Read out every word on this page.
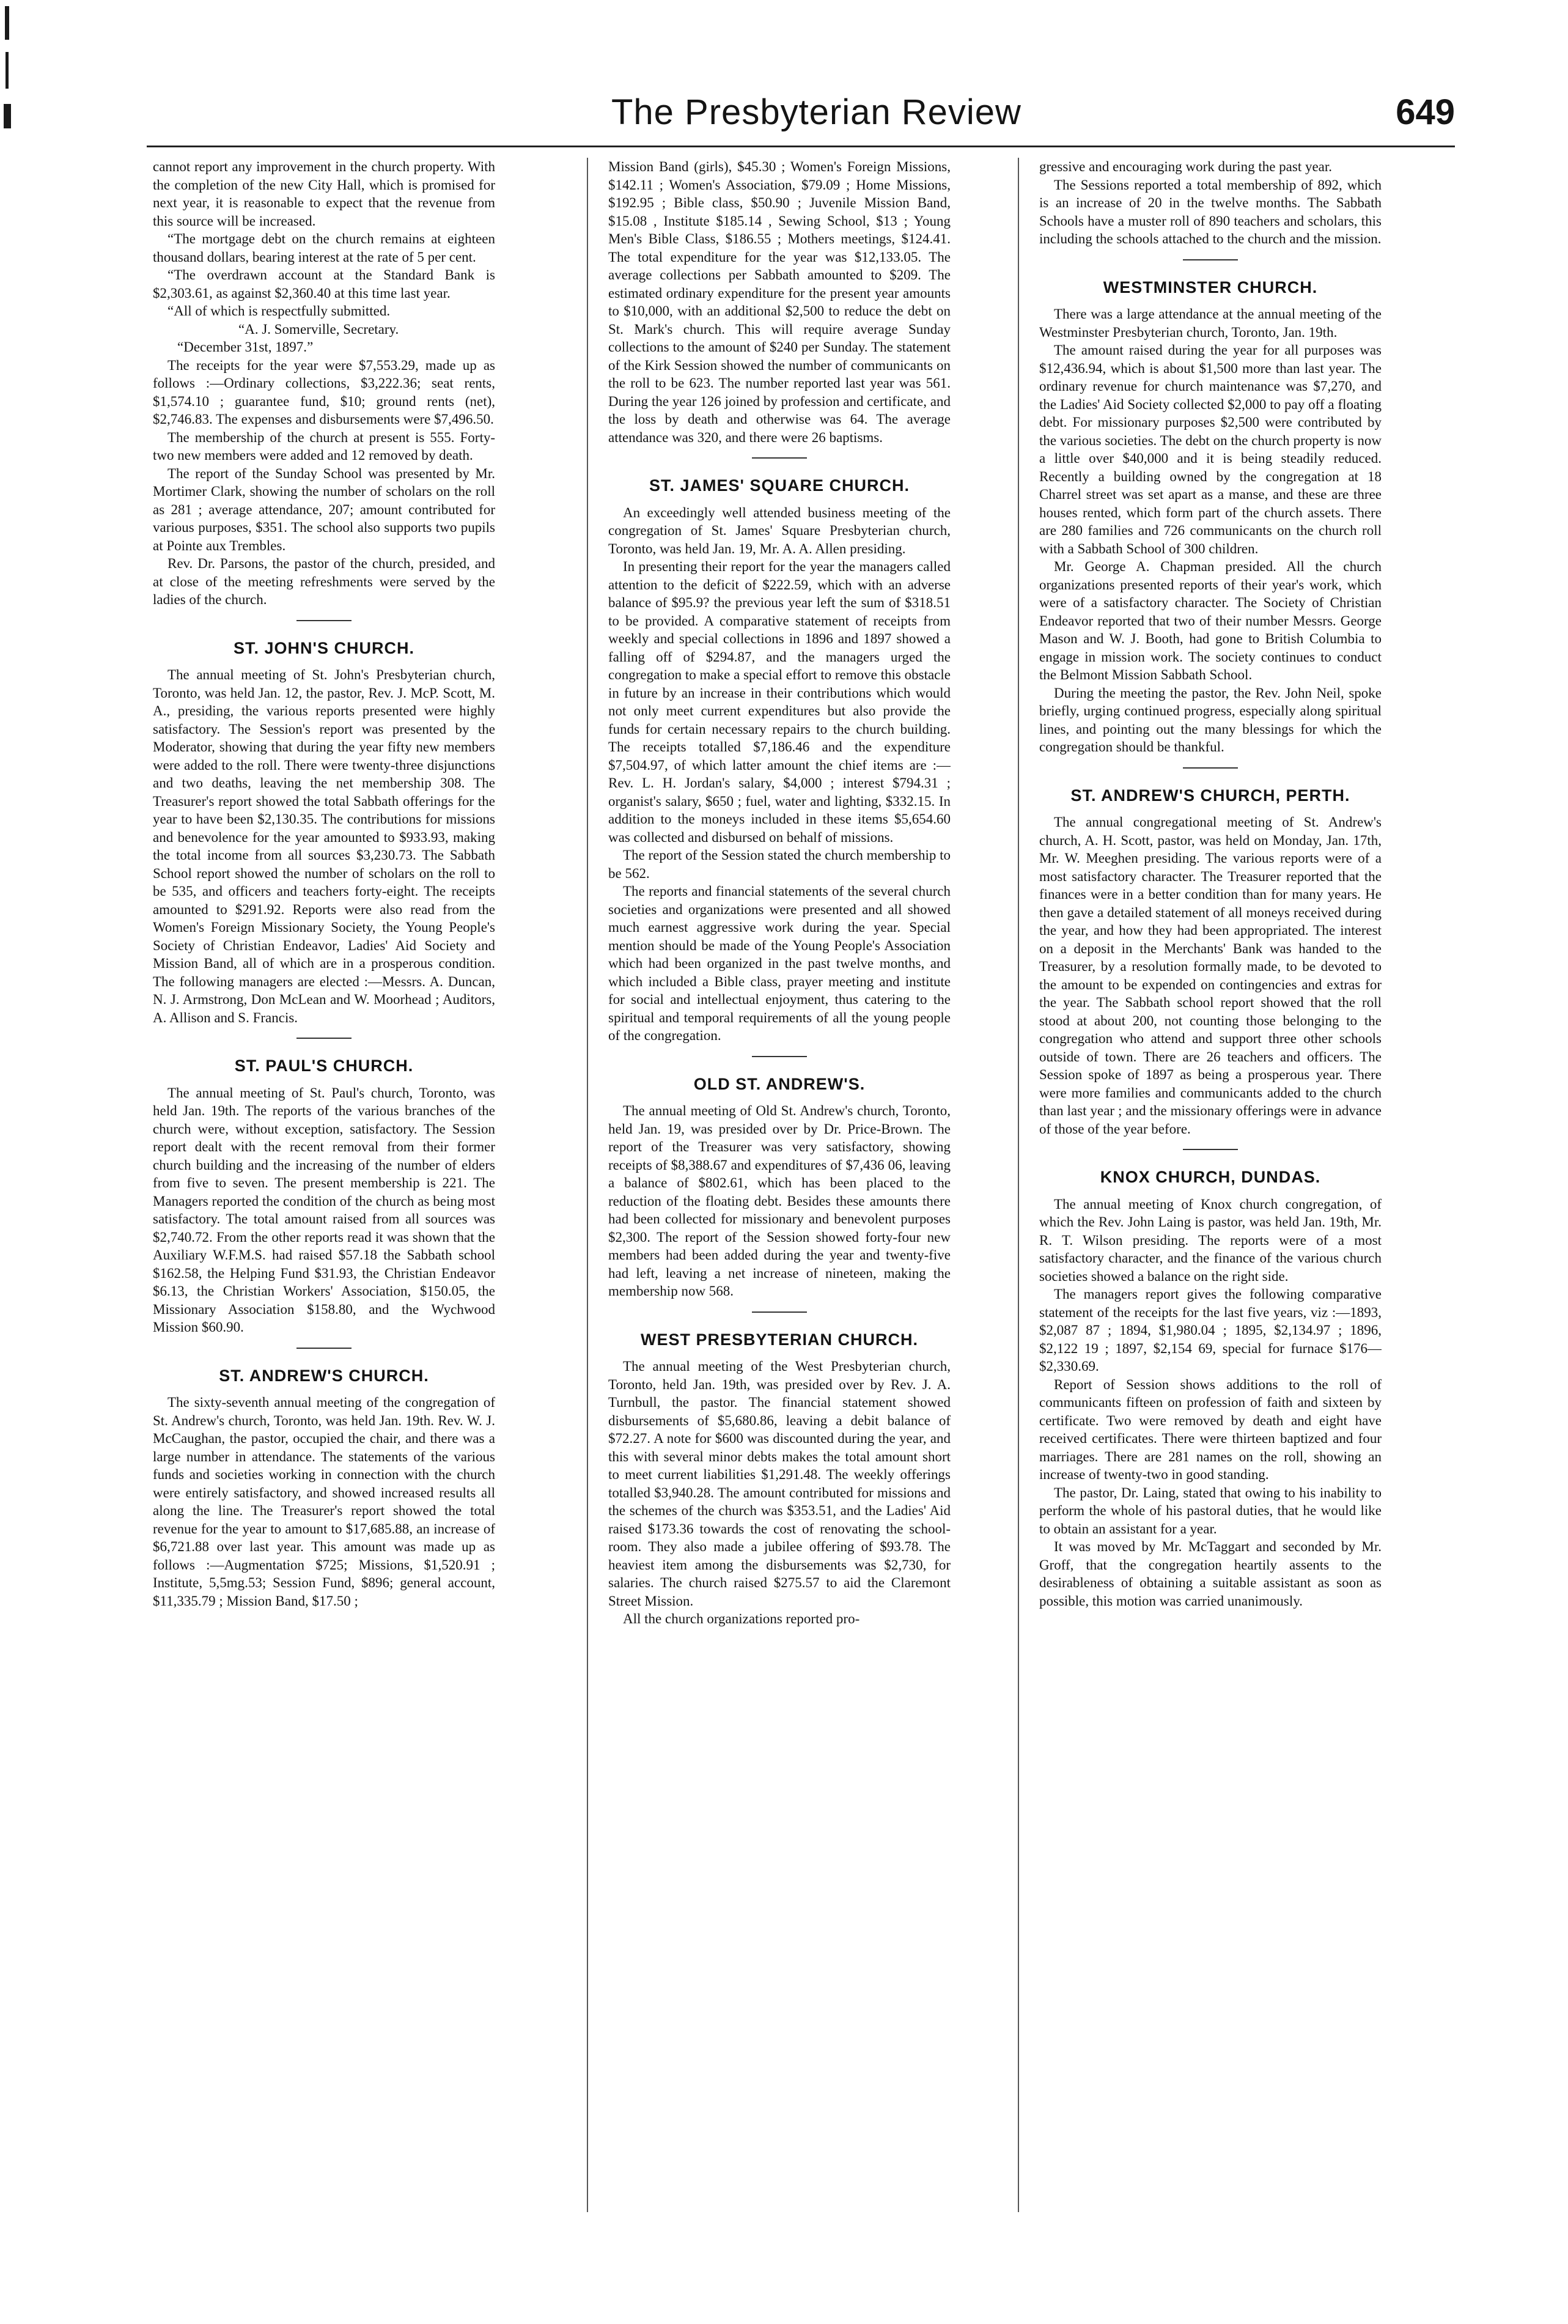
The Presbyterian Review	649

cannot report any improvement in the church property. With the completion of the new City Hall, which is promised for next year, it is reasonable to expect that the revenue from this source will be increased.

“The mortgage debt on the church remains at eighteen thousand dollars, bearing interest at the rate of 5 per cent.

“The overdrawn account at the Standard Bank is $2,303.61, as against $2,360.40 at this time last year.

“All of which is respectfully submitted.

“A. J. Somerville, Secretary.

“December 31st, 1897.”

The receipts for the year were $7,553.29, made up as follows :—Ordinary collections, $3,222.36; seat rents, $1,574.10 ; guarantee fund, $10; ground rents (net), $2,746.83. The expenses and disbursements were $7,496.50.

The membership of the church at present is 555. Forty-two new members were added and 12 removed by death.

The report of the Sunday School was presented by Mr. Mortimer Clark, showing the number of scholars on the roll as 281 ; average attendance, 207; amount contributed for various purposes, $351. The school also supports two pupils at Pointe aux Trembles.

Rev. Dr. Parsons, the pastor of the church, presided, and at close of the meeting refreshments were served by the ladies of the church.

ST. JOHN'S CHURCH.

The annual meeting of St. John's Presbyterian church, Toronto, was held Jan. 12, the pastor, Rev. J. McP. Scott, M. A., presiding, the various reports presented were highly satisfactory. The Session's report was presented by the Moderator, showing that during the year fifty new members were added to the roll. There were twenty-three disjunctions and two deaths, leaving the net membership 308. The Treasurer's report showed the total Sabbath offerings for the year to have been $2,130.35. The contributions for missions and benevolence for the year amounted to $933.93, making the total income from all sources $3,230.73. The Sabbath School report showed the number of scholars on the roll to be 535, and officers and teachers forty-eight. The receipts amounted to $291.92. Reports were also read from the Women's Foreign Missionary Society, the Young People's Society of Christian Endeavor, Ladies' Aid Society and Mission Band, all of which are in a prosperous condition. The following managers are elected :—Messrs. A. Duncan, N. J. Armstrong, Don McLean and W. Moorhead ; Auditors, A. Allison and S. Francis.

ST. PAUL'S CHURCH.

The annual meeting of St. Paul's church, Toronto, was held Jan. 19th. The reports of the various branches of the church were, without exception, satisfactory. The Session report dealt with the recent removal from their former church building and the increasing of the number of elders from five to seven. The present membership is 221. The Managers reported the condition of the church as being most satisfactory. The total amount raised from all sources was $2,740.72. From the other reports read it was shown that the Auxiliary W.F.M.S. had raised $57.18 the Sabbath school $162.58, the Helping Fund $31.93, the Christian Endeavor $6.13, the Christian Workers' Association, $150.05, the Missionary Association $158.80, and the Wychwood Mission $60.90.

ST. ANDREW'S CHURCH.

The sixty-seventh annual meeting of the congregation of St. Andrew's church, Toronto, was held Jan. 19th. Rev. W. J. McCaughan, the pastor, occupied the chair, and there was a large number in attendance. The statements of the various funds and societies working in connection with the church were entirely satisfactory, and showed increased results all along the line. The Treasurer's report showed the total revenue for the year to amount to $17,685.88, an increase of $6,721.88 over last year. This amount was made up as follows :—Augmentation $725; Missions, $1,520.91 ; Institute, 5,5mg.53; Session Fund, $896; general account, $11,335.79 ; Mission Band, $17.50 ;

Mission Band (girls), $45.30 ; Women's Foreign Missions, $142.11 ; Women's Association, $79.09 ; Home Missions, $192.95 ; Bible class, $50.90 ; Juvenile Mission Band, $15.08 , Institute $185.14 , Sewing School, $13 ; Young Men's Bible Class, $186.55 ; Mothers meetings, $124.41. The total expenditure for the year was $12,133.05. The average collections per Sabbath amounted to $209. The estimated ordinary expenditure for the present year amounts to $10,000, with an additional $2,500 to reduce the debt on St. Mark's church. This will require average Sunday collections to the amount of $240 per Sunday. The statement of the Kirk Session showed the number of communicants on the roll to be 623. The number reported last year was 561. During the year 126 joined by profession and certificate, and the loss by death and otherwise was 64. The average attendance was 320, and there were 26 baptisms.

ST. JAMES' SQUARE CHURCH.

An exceedingly well attended business meeting of the congregation of St. James' Square Presbyterian church, Toronto, was held Jan. 19, Mr. A. A. Allen presiding.

In presenting their report for the year the managers called attention to the deficit of $222.59, which with an adverse balance of $95.9? the previous year left the sum of $318.51 to be provided. A comparative statement of receipts from weekly and special collections in 1896 and 1897 showed a falling off of $294.87, and the managers urged the congregation to make a special effort to remove this obstacle in future by an increase in their contributions which would not only meet current expenditures but also provide the funds for certain necessary repairs to the church building. The receipts totalled $7,186.46 and the expenditure $7,504.97, of which latter amount the chief items are :—Rev. L. H. Jordan's salary, $4,000 ; interest $794.31 ; organist's salary, $650 ; fuel, water and lighting, $332.15. In addition to the moneys included in these items $5,654.60 was collected and disbursed on behalf of missions.

The report of the Session stated the church membership to be 562.

The reports and financial statements of the several church societies and organizations were presented and all showed much earnest aggressive work during the year. Special mention should be made of the Young People's Association which had been organized in the past twelve months, and which included a Bible class, prayer meeting and institute for social and intellectual enjoyment, thus catering to the spiritual and temporal requirements of all the young people of the congregation.

OLD ST. ANDREW'S.

The annual meeting of Old St. Andrew's church, Toronto, held Jan. 19, was presided over by Dr. Price-Brown. The report of the Treasurer was very satisfactory, showing receipts of $8,388.67 and expenditures of $7,436 06, leaving a balance of $802.61, which has been placed to the reduction of the floating debt. Besides these amounts there had been collected for missionary and benevolent purposes $2,300. The report of the Session showed forty-four new members had been added during the year and twenty-five had left, leaving a net increase of nineteen, making the membership now 568.

WEST PRESBYTERIAN CHURCH.

The annual meeting of the West Presbyterian church, Toronto, held Jan. 19th, was presided over by Rev. J. A. Turnbull, the pastor. The financial statement showed disbursements of $5,680.86, leaving a debit balance of $72.27. A note for $600 was discounted during the year, and this with several minor debts makes the total amount short to meet current liabilities $1,291.48. The weekly offerings totalled $3,940.28. The amount contributed for missions and the schemes of the church was $353.51, and the Ladies' Aid raised $173.36 towards the cost of renovating the school-room. They also made a jubilee offering of $93.78. The heaviest item among the disbursements was $2,730, for salaries. The church raised $275.57 to aid the Claremont Street Mission.

All the church organizations reported pro-

gressive and encouraging work during the past year.

The Sessions reported a total membership of 892, which is an increase of 20 in the twelve months. The Sabbath Schools have a muster roll of 890 teachers and scholars, this including the schools attached to the church and the mission.

WESTMINSTER CHURCH.

There was a large attendance at the annual meeting of the Westminster Presbyterian church, Toronto, Jan. 19th.

The amount raised during the year for all purposes was $12,436.94, which is about $1,500 more than last year. The ordinary revenue for church maintenance was $7,270, and the Ladies' Aid Society collected $2,000 to pay off a floating debt. For missionary purposes $2,500 were contributed by the various societies. The debt on the church property is now a little over $40,000 and it is being steadily reduced. Recently a building owned by the congregation at 18 Charrel street was set apart as a manse, and these are three houses rented, which form part of the church assets. There are 280 families and 726 communicants on the church roll with a Sabbath School of 300 children.

Mr. George A. Chapman presided. All the church organizations presented reports of their year's work, which were of a satisfactory character. The Society of Christian Endeavor reported that two of their number Messrs. George Mason and W. J. Booth, had gone to British Columbia to engage in mission work. The society continues to conduct the Belmont Mission Sabbath School.

During the meeting the pastor, the Rev. John Neil, spoke briefly, urging continued progress, especially along spiritual lines, and pointing out the many blessings for which the congregation should be thankful.

ST. ANDREW'S CHURCH, PERTH.

The annual congregational meeting of St. Andrew's church, A. H. Scott, pastor, was held on Monday, Jan. 17th, Mr. W. Meeghen presiding. The various reports were of a most satisfactory character. The Treasurer reported that the finances were in a better condition than for many years. He then gave a detailed statement of all moneys received during the year, and how they had been appropriated. The interest on a deposit in the Merchants' Bank was handed to the Treasurer, by a resolution formally made, to be devoted to the amount to be expended on contingencies and extras for the year. The Sabbath school report showed that the roll stood at about 200, not counting those belonging to the congregation who attend and support three other schools outside of town. There are 26 teachers and officers. The Session spoke of 1897 as being a prosperous year. There were more families and communicants added to the church than last year ; and the missionary offerings were in advance of those of the year before.

KNOX CHURCH, DUNDAS.

The annual meeting of Knox church congregation, of which the Rev. John Laing is pastor, was held Jan. 19th, Mr. R. T. Wilson presiding. The reports were of a most satisfactory character, and the finance of the various church societies showed a balance on the right side.

The managers report gives the following comparative statement of the receipts for the last five years, viz :—1893, $2,087 87 ; 1894, $1,980.04 ; 1895, $2,134.97 ; 1896, $2,122 19 ; 1897, $2,154 69, special for furnace $176—$2,330.69.

Report of Session shows additions to the roll of communicants fifteen on profession of faith and sixteen by certificate. Two were removed by death and eight have received certificates. There were thirteen baptized and four marriages. There are 281 names on the roll, showing an increase of twenty-two in good standing.

The pastor, Dr. Laing, stated that owing to his inability to perform the whole of his pastoral duties, that he would like to obtain an assistant for a year.

It was moved by Mr. McTaggart and seconded by Mr. Groff, that the congregation heartily assents to the desirableness of obtaining a suitable assistant as soon as possible, this motion was carried unanimously.
